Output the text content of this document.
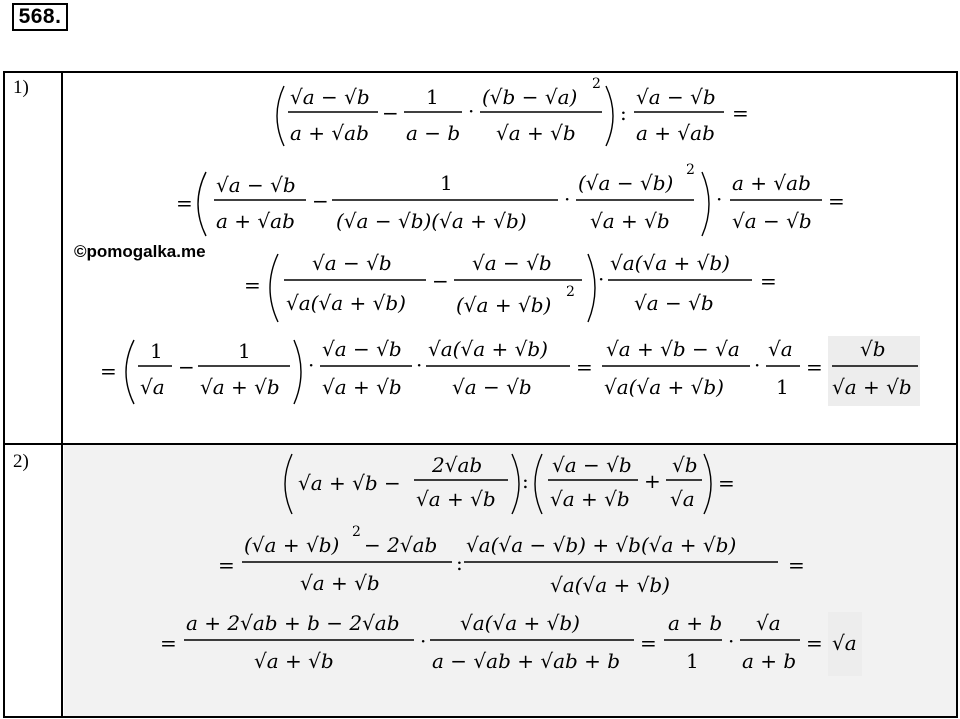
568.
1)
2)
©pomogalka.me
√a − √b
a + √ab
−
1
a − b
·
(√b − √a)
2
√a + √b
:
√a − √b
a + √ab
=
=
√a − √b
a + √ab
−
1
(√a − √b)(√a + √b)
·
(√a − √b)
2
√a + √b
·
a + √ab
√a − √b
=
=
√a − √b
√a(√a + √b)
−
√a − √b
(√a + √b)
2
·
√a(√a + √b)
√a − √b
=
=
1
√a
−
1
√a + √b
·
√a − √b
√a + √b
·
√a(√a + √b)
√a − √b
=
√a + √b − √a
√a(√a + √b)
·
√a
1
=
√b
√a + √b
√a + √b −
2√ab
√a + √b
:
√a − √b
√a + √b
+
√b
√a
=
=
(√a + √b)
2
− 2√ab
√a + √b
:
√a(√a − √b) + √b(√a + √b)
√a(√a + √b)
=
=
a + 2√ab + b − 2√ab
√a + √b
·
√a(√a + √b)
a − √ab + √ab + b
=
a + b
1
·
√a
a + b
= √a
